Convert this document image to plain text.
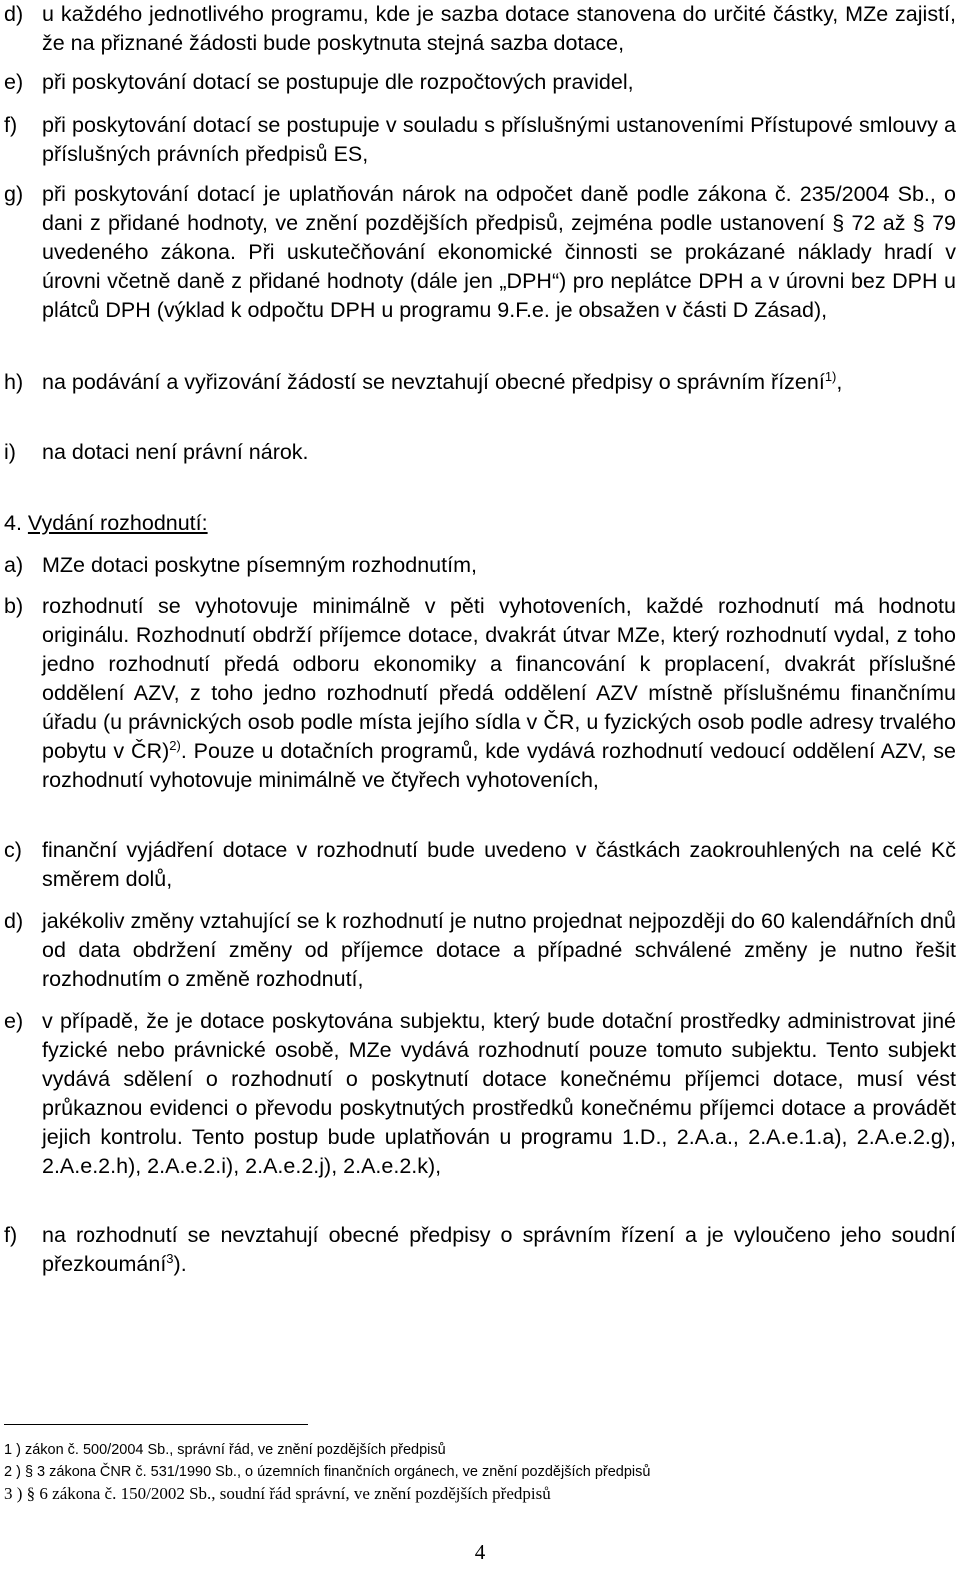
d) u každého jednotlivého programu, kde je sazba dotace stanovena do určité částky, MZe zajistí, že na přiznané žádosti bude poskytnuta stejná sazba dotace,
e) při poskytování dotací se postupuje dle rozpočtových pravidel,
f) při poskytování dotací se postupuje v souladu s příslušnými ustanoveními Přístupové smlouvy a příslušných právních předpisů ES,
g) při poskytování dotací je uplatňován nárok na odpočet daně podle zákona č. 235/2004 Sb., o dani z přidané hodnoty, ve znění pozdějších předpisů, zejména podle ustanovení § 72 až § 79 uvedeného zákona. Při uskutečňování ekonomické činnosti se prokázané náklady hradí v úrovni včetně daně z přidané hodnoty (dále jen „DPH“) pro neplátce DPH a v úrovni bez DPH u plátců DPH (výklad k odpočtu DPH u programu 9.F.e. je obsažen v části D Zásad),
h) na podávání a vyřizování žádostí se nevztahují obecné předpisy o správním řízení$^{1)}$,
i) na dotaci není právní nárok.
4. Vydání rozhodnutí:
a) MZe dotaci poskytne písemným rozhodnutím,
b) rozhodnutí se vyhotovuje minimálně v pěti vyhotoveních, každé rozhodnutí má hodnotu originálu. Rozhodnutí obdrží příjemce dotace, dvakrát útvar MZe, který rozhodnutí vydal, z toho jedno rozhodnutí předá odboru ekonomiky a financování k proplacení, dvakrát příslušné oddělení AZV, z toho jedno rozhodnutí předá oddělení AZV místně příslušnému finančnímu úřadu (u právnických osob podle místa jejího sídla v ČR, u fyzických osob podle adresy trvalého pobytu v ČR)$^{2)}$. Pouze u dotačních programů, kde vydává rozhodnutí vedoucí oddělení AZV, se rozhodnutí vyhotovuje minimálně ve čtyřech vyhotoveních,
c) finanční vyjádření dotace v rozhodnutí bude uvedeno v částkách zaokrouhlených na celé Kč směrem dolů,
d) jakékoliv změny vztahující se k rozhodnutí je nutno projednat nejpozději do 60 kalendářních dnů od data obdržení změny od příjemce dotace a případné schválené změny je nutno řešit rozhodnutím o změně rozhodnutí,
e) v případě, že je dotace poskytována subjektu, který bude dotační prostředky administrovat jiné fyzické nebo právnické osobě, MZe vydává rozhodnutí pouze tomuto subjektu. Tento subjekt vydává sdělení o rozhodnutí o poskytnutí dotace konečnému příjemci dotace, musí vést průkaznou evidenci o převodu poskytnutých prostředků konečnému příjemci dotace a provádět jejich kontrolu. Tento postup bude uplatňován u programu 1.D., 2.A.a., 2.A.e.1.a), 2.A.e.2.g), 2.A.e.2.h), 2.A.e.2.i), 2.A.e.2.j), 2.A.e.2.k),
f) na rozhodnutí se nevztahují obecné předpisy o správním řízení a je vyloučeno jeho soudní přezkoumání$^3$).
1 ) zákon č. 500/2004 Sb., správní řád, ve znění pozdějších předpisů
2 ) § 3 zákona ČNR č. 531/1990 Sb., o územních finančních orgánech, ve znění pozdějších předpisů
3 ) § 6 zákona č. 150/2002 Sb., soudní řád správní, ve znění pozdějších předpisů
4
